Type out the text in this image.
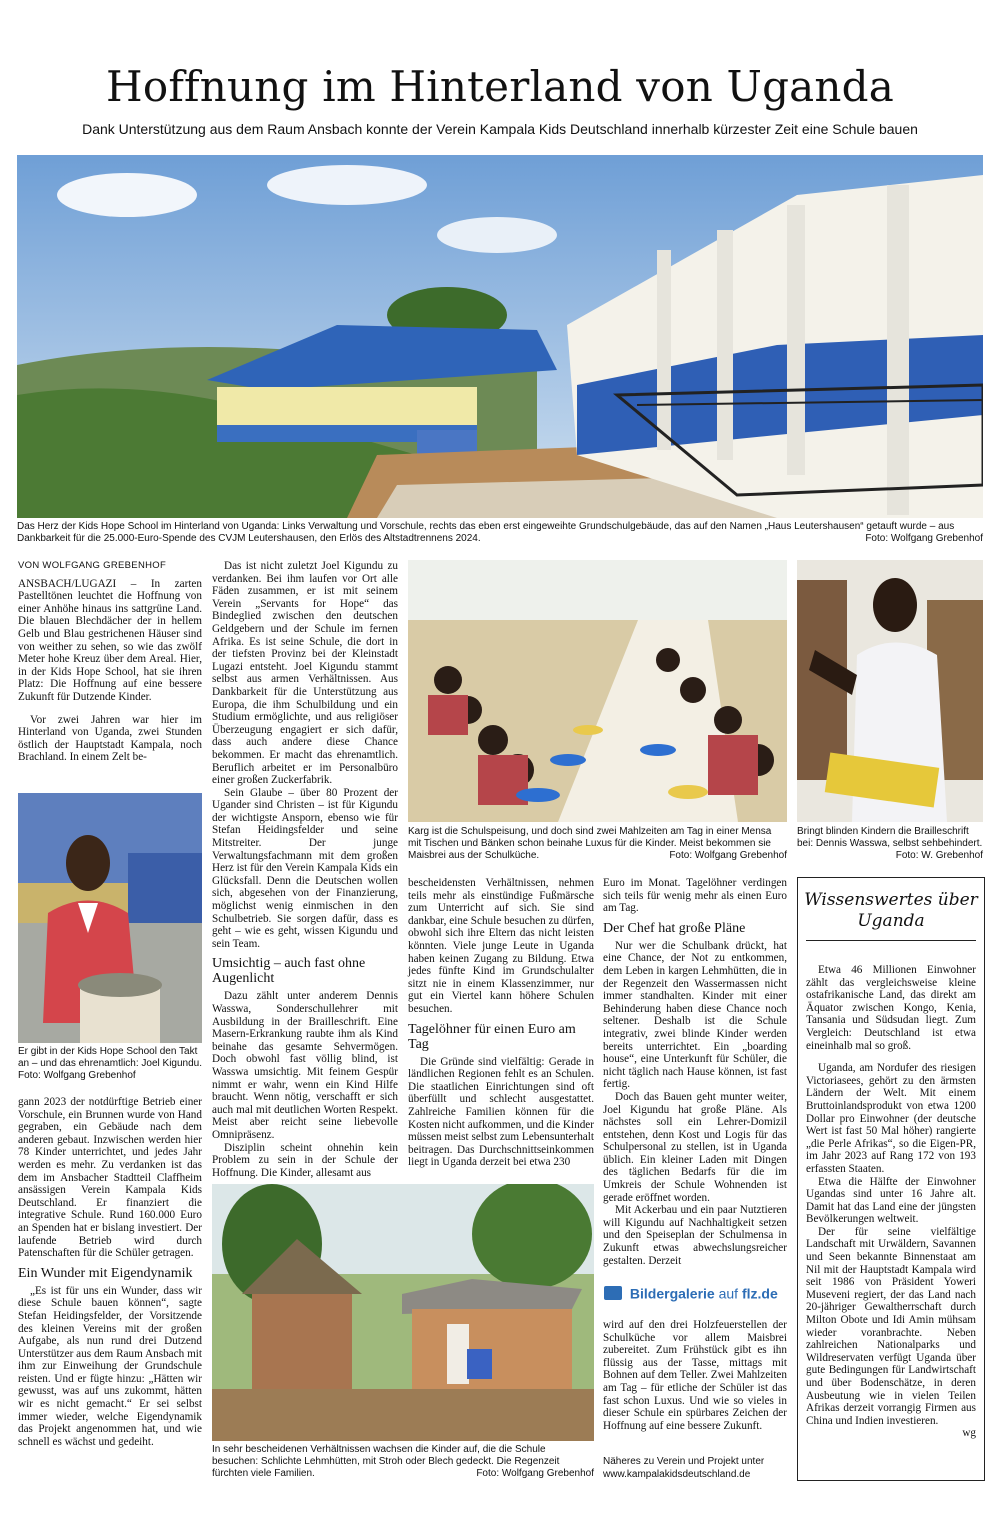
Hoffnung im Hinterland von Uganda
Dank Unterstützung aus dem Raum Ansbach konnte der Verein Kampala Kids Deutschland innerhalb kürzester Zeit eine Schule bauen
Das Herz der Kids Hope School im Hinterland von Uganda: Links Verwaltung und Vorschule, rechts das eben erst eingeweihte Grundschulgebäude, das auf den Namen „Haus Leutershausen“ getauft wurde – aus Dankbarkeit für die 25.000-Euro-Spende des CVJM Leutershausen, den Erlös des Altstadtrennens 2024.	Foto: Wolfgang Grebenhof
VON WOLFGANG GREBENHOF

ANSBACH/LUGAZI – In zarten Pastelltönen leuchtet die Hoffnung von einer Anhöhe hinaus ins sattgrüne Land. Die blauen Blechdächer der in hellem Gelb und Blau gestrichenen Häuser sind von weither zu sehen, so wie das zwölf Meter hohe Kreuz über dem Areal. Hier, in der Kids Hope School, hat sie ihren Platz: Die Hoffnung auf eine bessere Zukunft für Dutzende Kinder.

Vor zwei Jahren war hier im Hinterland von Uganda, zwei Stunden östlich der Hauptstadt Kampala, noch Brachland. In einem Zelt be-

Er gibt in der Kids Hope School den Takt an – und das ehrenamtlich: Joel Kigundu. Foto: Wolfgang Grebenhof

gann 2023 der notdürftige Betrieb einer Vorschule, ein Brunnen wurde von Hand gegraben, ein Gebäude nach dem anderen gebaut. Inzwischen werden hier 78 Kinder unterrichtet, und jedes Jahr werden es mehr. Zu verdanken ist das dem im Ansbacher Stadtteil Claffheim ansässigen Verein Kampala Kids Deutschland. Er finanziert die integrative Schule. Rund 160.000 Euro an Spenden hat er bislang investiert. Der laufende Betrieb wird durch Patenschaften für die Schüler getragen.

Ein Wunder mit Eigendynamik

„Es ist für uns ein Wunder, dass wir diese Schule bauen können“, sagte Stefan Heidingsfelder, der Vorsitzende des kleinen Vereins mit der großen Aufgabe, als nun rund drei Dutzend Unterstützer aus dem Raum Ansbach mit ihm zur Einweihung der Grundschule reisten. Und er fügte hinzu: „Hätten wir gewusst, was auf uns zukommt, hätten wir es nicht gemacht.“ Er sei selbst immer wieder, welche Eigendynamik das Projekt angenommen hat, und wie schnell es wächst und gedeiht.

Das ist nicht zuletzt Joel Kigundu zu verdanken. Bei ihm laufen vor Ort alle Fäden zusammen, er ist mit seinem Verein „Servants for Hope“ das Bindeglied zwischen den deutschen Geldgebern und der Schule im fernen Afrika. Es ist seine Schule, die dort in der tiefsten Provinz bei der Kleinstadt Lugazi entsteht. Joel Kigundu stammt selbst aus armen Verhältnissen. Aus Dankbarkeit für die Unterstützung aus Europa, die ihm Schulbildung und ein Studium ermöglichte, und aus religiöser Überzeugung engagiert er sich dafür, dass auch andere diese Chance bekommen. Er macht das ehrenamtlich. Beruflich arbeitet er im Personalbüro einer großen Zuckerfabrik.

Sein Glaube – über 80 Prozent der Ugander sind Christen – ist für Kigundu der wichtigste Ansporn, ebenso wie für Stefan Heidingsfelder und seine Mitstreiter. Der junge Verwaltungsfachmann mit dem großen Herz ist für den Verein Kampala Kids ein Glücksfall. Denn die Deutschen wollen sich, abgesehen von der Finanzierung, möglichst wenig einmischen in den Schulbetrieb. Sie sorgen dafür, dass es geht – wie es geht, wissen Kigundu und sein Team.

Umsichtig – auch fast ohne Augenlicht

Dazu zählt unter anderem Dennis Wasswa, Sonderschullehrer mit Ausbildung in der Brailleschrift. Eine Masern-Erkrankung raubte ihm als Kind beinahe das gesamte Sehvermögen. Doch obwohl fast völlig blind, ist Wasswa umsichtig. Mit feinem Gespür nimmt er wahr, wenn ein Kind Hilfe braucht. Wenn nötig, verschafft er sich auch mal mit deutlichen Worten Respekt. Meist aber reicht seine liebevolle Omnipräsenz.

Disziplin scheint ohnehin kein Problem zu sein in der Schule der Hoffnung. Die Kinder, allesamt aus

Karg ist die Schulspeisung, und doch sind zwei Mahlzeiten am Tag in einer Mensa mit Tischen und Bänken schon beinahe Luxus für die Kinder. Meist bekommen sie Maisbrei aus der Schulküche.	Foto: Wolfgang Grebenhof
Bringt blinden Kindern die Brailleschrift bei: Dennis Wasswa, selbst sehbehindert.
Foto: W. Grebenhof

bescheidensten Verhältnissen, nehmen teils mehr als einstündige Fußmärsche zum Unterricht auf sich. Sie sind dankbar, eine Schule besuchen zu dürfen, obwohl sich ihre Eltern das nicht leisten könnten. Viele junge Leute in Uganda haben keinen Zugang zu Bildung. Etwa jedes fünfte Kind im Grundschulalter sitzt nie in einem Klassenzimmer, nur gut ein Viertel kann höhere Schulen besuchen.

Tagelöhner für einen Euro am Tag

Die Gründe sind vielfältig: Gerade in ländlichen Regionen fehlt es an Schulen. Die staatlichen Einrichtungen sind oft überfüllt und schlecht ausgestattet. Zahlreiche Familien können für die Kosten nicht aufkommen, und die Kinder müssen meist selbst zum Lebensunterhalt beitragen. Das Durchschnittseinkommen liegt in Uganda derzeit bei etwa 230

Euro im Monat. Tagelöhner verdingen sich teils für wenig mehr als einen Euro am Tag.

Der Chef hat große Pläne

Nur wer die Schulbank drückt, hat eine Chance, der Not zu entkommen, dem Leben in kargen Lehmhütten, die in der Regenzeit den Wassermassen nicht immer standhalten. Kinder mit einer Behinderung haben diese Chance noch seltener. Deshalb ist die Schule integrativ, zwei blinde Kinder werden bereits unterrichtet. Ein „boarding house“, eine Unterkunft für Schüler, die nicht täglich nach Hause können, ist fast fertig.

Doch das Bauen geht munter weiter, Joel Kigundu hat große Pläne. Als nächstes soll ein Lehrer-Domizil entstehen, denn Kost und Logis für das Schulpersonal zu stellen, ist in Uganda üblich. Ein kleiner Laden mit Dingen des täglichen Bedarfs für die im Umkreis der Schule Wohnenden ist gerade eröffnet worden.

Mit Ackerbau und ein paar Nutztieren will Kigundu auf Nachhaltigkeit setzen und den Speiseplan der Schulmensa in Zukunft etwas abwechslungsreicher gestalten. Derzeit

Bildergalerie auf flz.de

wird auf den drei Holzfeuerstellen der Schulküche vor allem Maisbrei zubereitet. Zum Frühstück gibt es ihn flüssig aus der Tasse, mittags mit Bohnen auf dem Teller. Zwei Mahlzeiten am Tag – für etliche der Schüler ist das fast schon Luxus. Und wie so vieles in dieser Schule ein spürbares Zeichen der Hoffnung auf eine bessere Zukunft.

Näheres zu Verein und Projekt unter www.kampalakidsdeutschland.de
In sehr bescheidenen Verhältnissen wachsen die Kinder auf, die die Schule besuchen: Schlichte Lehmhütten, mit Stroh oder Blech gedeckt. Die Regenzeit fürchten viele Familien.	Foto: Wolfgang Grebenhof
Wissenswertes über Uganda

Etwa 46 Millionen Einwohner zählt das vergleichsweise kleine ostafrikanische Land, das direkt am Äquator zwischen Kongo, Kenia, Tansania und Südsudan liegt. Zum Vergleich: Deutschland ist etwa eineinhalb mal so groß.

Uganda, am Nordufer des riesigen Victoriasees, gehört zu den ärmsten Ländern der Welt. Mit einem Bruttoinlandsprodukt von etwa 1200 Dollar pro Einwohner (der deutsche Wert ist fast 50 Mal höher) rangierte „die Perle Afrikas“, so die Eigen-PR, im Jahr 2023 auf Rang 172 von 193 erfassten Staaten.

Etwa die Hälfte der Einwohner Ugandas sind unter 16 Jahre alt. Damit hat das Land eine der jüngsten Bevölkerungen weltweit.

Der für seine vielfältige Landschaft mit Urwäldern, Savannen und Seen bekannte Binnenstaat am Nil mit der Hauptstadt Kampala wird seit 1986 von Präsident Yoweri Museveni regiert, der das Land nach 20-jähriger Gewaltherrschaft durch Milton Obote und Idi Amin mühsam wieder voranbrachte. Neben zahlreichen Nationalparks und Wildreservaten verfügt Uganda über gute Bedingungen für Landwirtschaft und über Bodenschätze, in deren Ausbeutung wie in vielen Teilen Afrikas derzeit vorrangig Firmen aus China und Indien investieren.

wg
